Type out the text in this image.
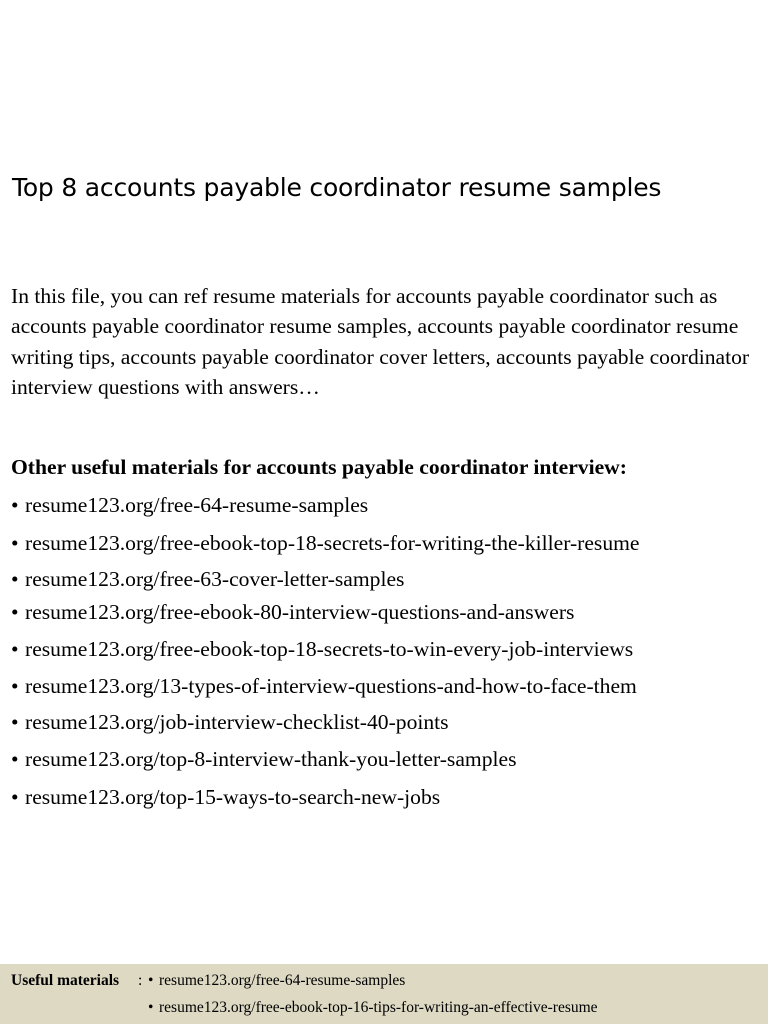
Top 8 accounts payable coordinator resume samples

In this file, you can ref resume materials for accounts payable coordinator such as accounts payable coordinator resume samples, accounts payable coordinator resume writing tips, accounts payable coordinator cover letters, accounts payable coordinator interview questions with answers…

Other useful materials for accounts payable coordinator interview:

• resume123.org/free-64-resume-samples

• resume123.org/free-ebook-top-18-secrets-for-writing-the-killer-resume

• resume123.org/free-63-cover-letter-samples

• resume123.org/free-ebook-80-interview-questions-and-answers

• resume123.org/free-ebook-top-18-secrets-to-win-every-job-interviews

• resume123.org/13-types-of-interview-questions-and-how-to-face-them

• resume123.org/job-interview-checklist-40-points

• resume123.org/top-8-interview-thank-you-letter-samples

• resume123.org/top-15-ways-to-search-new-jobs

Useful materials : • resume123.org/free-64-resume-samples

• resume123.org/free-ebook-top-16-tips-for-writing-an-effective-resume
